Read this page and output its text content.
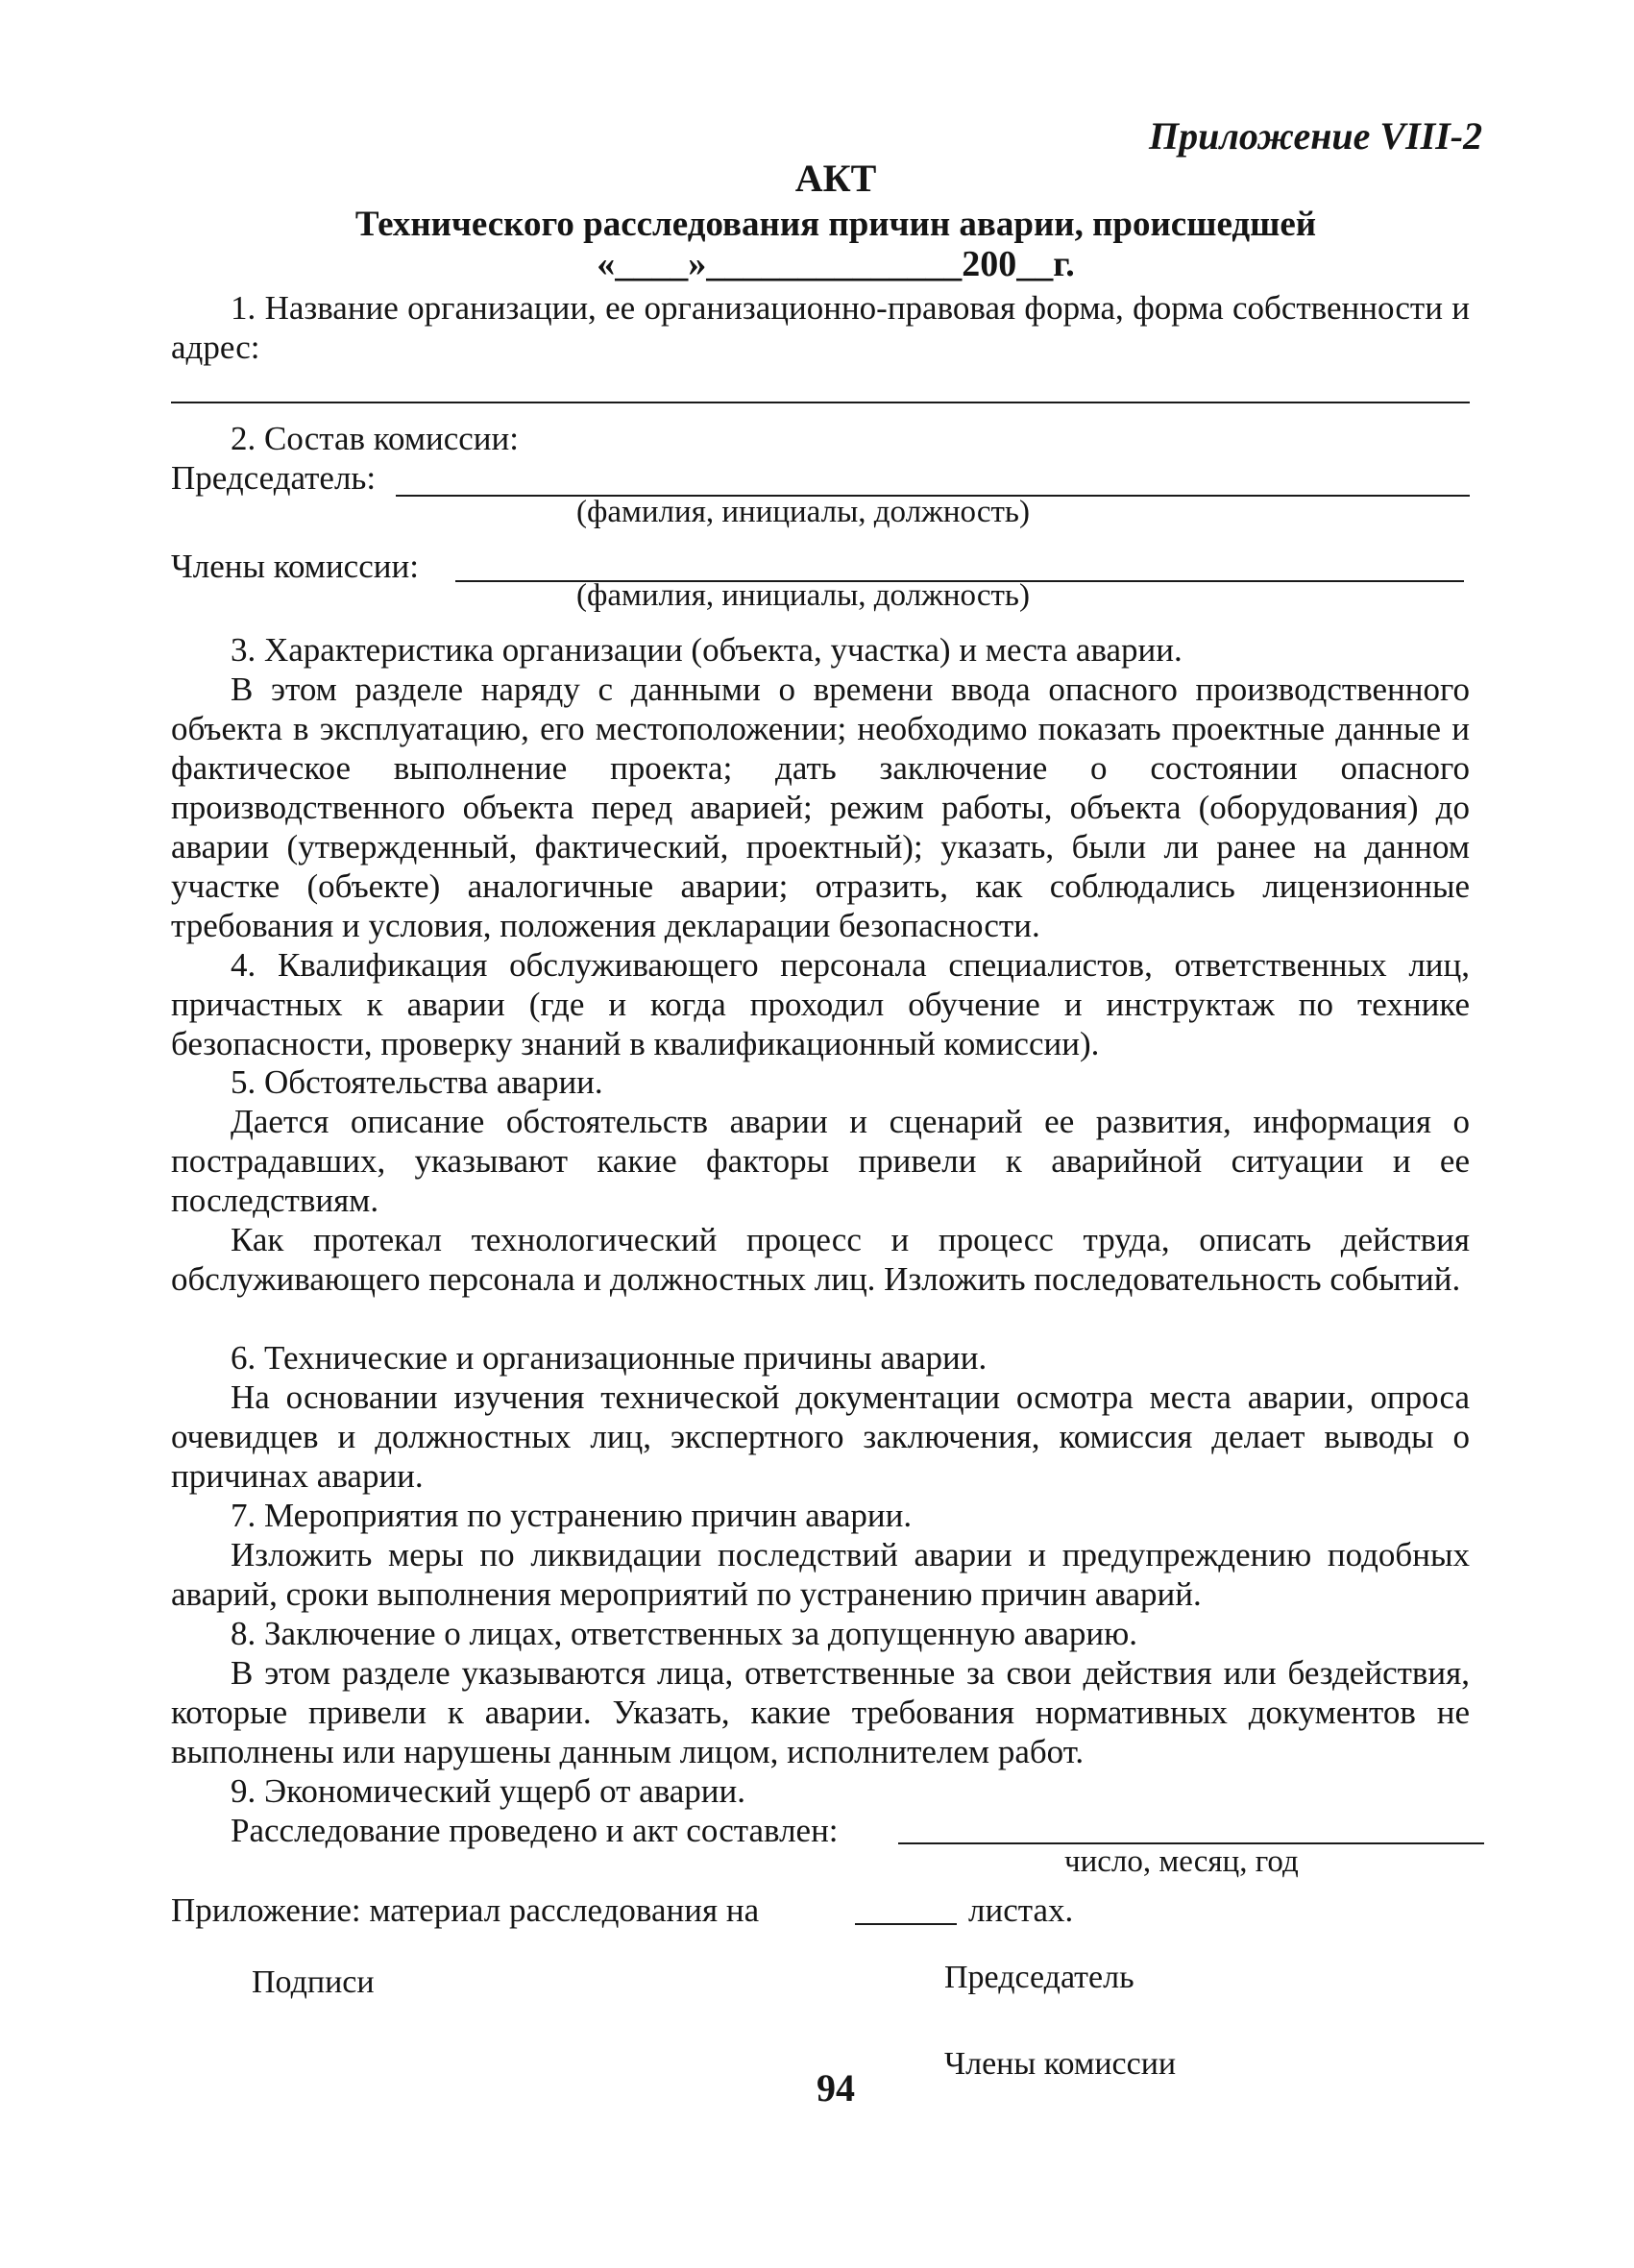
Приложение VIII-2
АКТ
Технического расследования причин аварии, происшедшей
«____»______________200__г.
1. Название организации, ее организационно-правовая форма, форма собственности и адрес:
2. Состав комиссии:
Председатель:
(фамилия, инициалы, должность)
Члены комиссии:
(фамилия, инициалы, должность)
3. Характеристика организации (объекта, участка) и места аварии.
В этом разделе наряду с данными о времени ввода опасного производственного объекта в эксплуатацию, его местоположении; необходимо показать проектные данные и фактическое выполнение проекта; дать заключение о состоянии опасного производственного объекта перед аварией; режим работы, объекта (оборудования) до аварии (утвержденный, фактический, проектный); указать, были ли ранее на данном участке (объекте) аналогичные аварии; отразить, как соблюдались лицензионные требования и условия, положения декларации безопасности.
4. Квалификация обслуживающего персонала специалистов, ответственных лиц, причастных к аварии (где и когда проходил обучение и инструктаж по технике безопасности, проверку знаний в квалификационный комиссии).
5. Обстоятельства аварии.
Дается описание обстоятельств аварии и сценарий ее развития, информация о пострадавших, указывают какие факторы привели к аварийной ситуации и ее последствиям.
Как протекал технологический процесс и процесс труда, описать действия обслуживающего персонала и должностных лиц. Изложить последовательность событий.
6. Технические и организационные причины аварии.
На основании изучения технической документации осмотра места аварии, опроса очевидцев и должностных лиц, экспертного заключения, комиссия делает выводы о причинах аварии.
7. Мероприятия по устранению причин аварии.
Изложить меры по ликвидации последствий аварии и предупреждению подобных аварий, сроки выполнения мероприятий по устранению причин аварий.
8. Заключение о лицах, ответственных за допущенную аварию.
В этом разделе указываются лица, ответственные за свои действия или бездействия, которые привели к аварии. Указать, какие требования нормативных документов не выполнены или нарушены данным лицом, исполнителем работ.
9. Экономический ущерб от аварии.
Расследование проведено и акт составлен:
число, месяц, год
Приложение: материал расследования на	листах.
Подписи	Председатель
Члены комиссии
94
